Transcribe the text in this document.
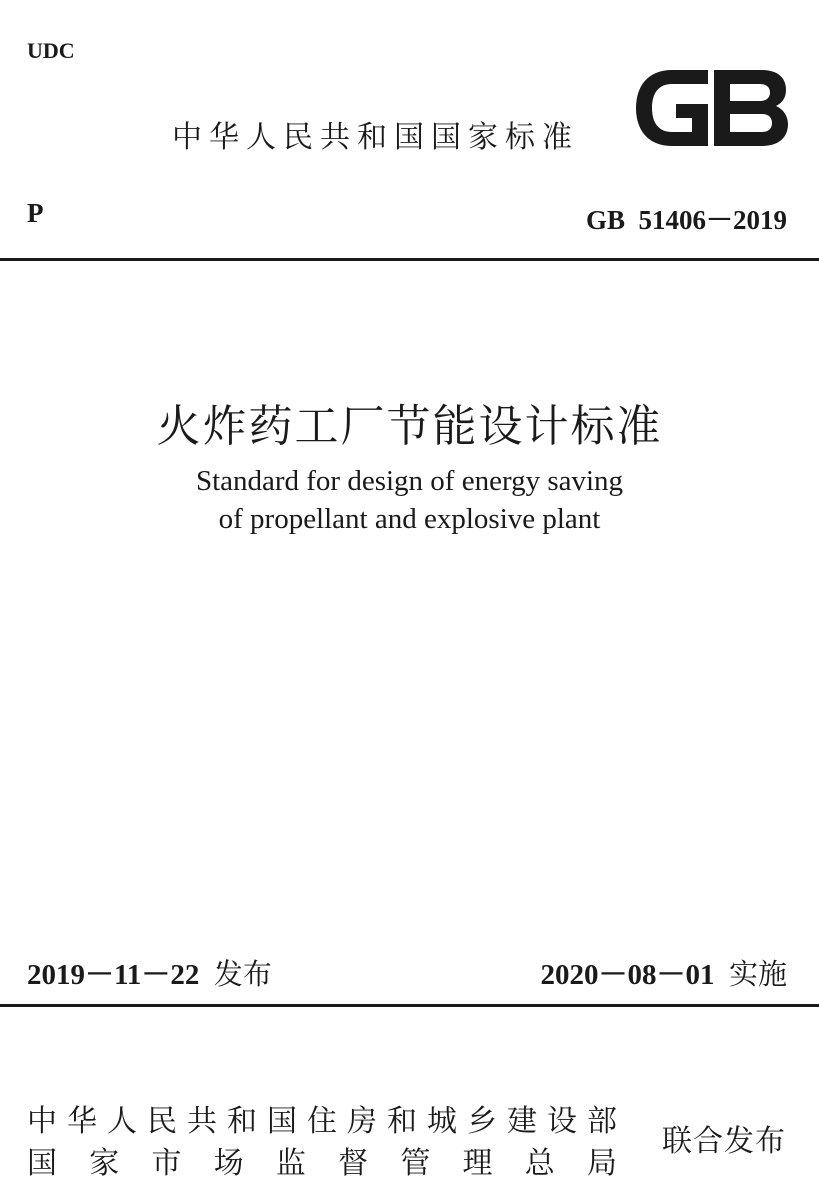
UDC
中华人民共和国国家标准
P	GB  51406－2019
火炸药工厂节能设计标准
Standard for design of energy saving
of propellant and explosive plant
2019－11－22  发布	2020－08－01  实施
中 华 人 民 共 和 国 住 房 和 城 乡 建 设 部
国 家 市 场 监 督 管 理 总 局
联合发布
